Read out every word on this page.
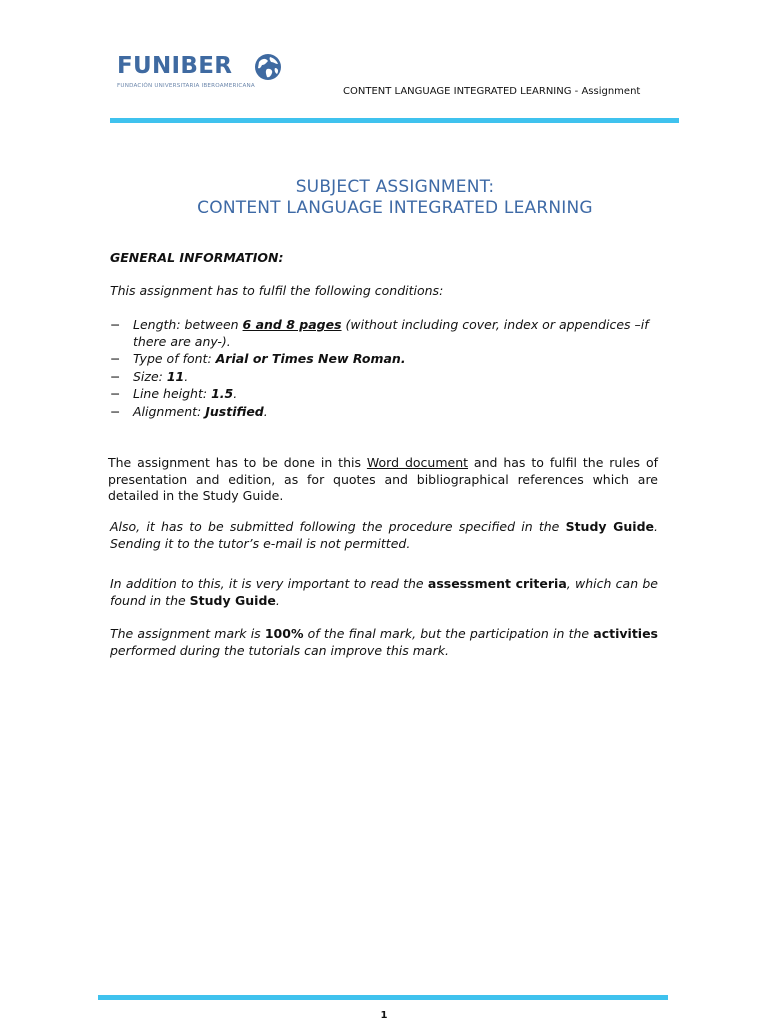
FUNIBER
FUNDACIÓN UNIVERSITARIA IBEROAMERICANA	CONTENT LANGUAGE INTEGRATED LEARNING - Assignment
SUBJECT ASSIGNMENT:
CONTENT LANGUAGE INTEGRATED LEARNING
GENERAL INFORMATION:
This assignment has to fulfil the following conditions:
− Length: between 6 and 8 pages (without including cover, index or appendices –if there are any-).
− Type of font: Arial or Times New Roman.
− Size: 11.
− Line height: 1.5.
− Alignment: Justified.
The assignment has to be done in this Word document and has to fulfil the rules of presentation and edition, as for quotes and bibliographical references which are detailed in the Study Guide.
Also, it has to be submitted following the procedure specified in the Study Guide. Sending it to the tutor’s e-mail is not permitted.
In addition to this, it is very important to read the assessment criteria, which can be found in the Study Guide.
The assignment mark is 100% of the final mark, but the participation in the activities performed during the tutorials can improve this mark.
1
